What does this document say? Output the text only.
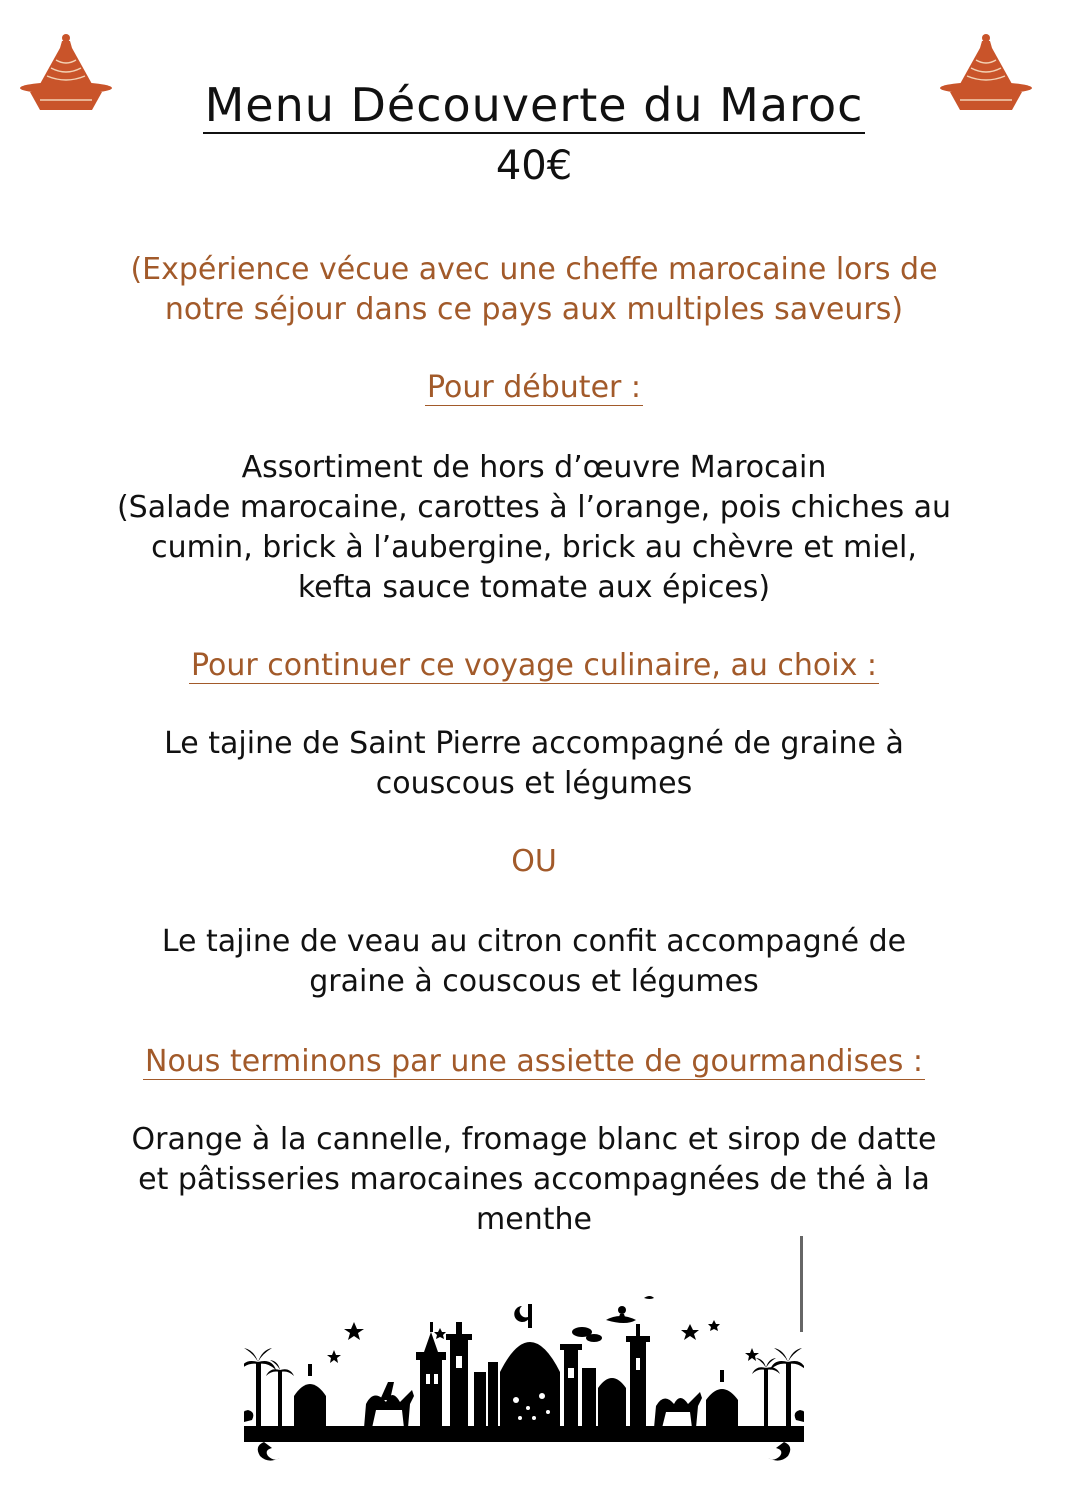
Menu Découverte du Maroc
40€
(Expérience vécue avec une cheffe marocaine lors de
notre séjour dans ce pays aux multiples saveurs)
Pour débuter :
Assortiment de hors d’œuvre Marocain
(Salade marocaine, carottes à l’orange, pois chiches au
cumin, brick à l’aubergine, brick au chèvre et miel,
kefta sauce tomate aux épices)
Pour continuer ce voyage culinaire, au choix :
Le tajine de Saint Pierre accompagné de graine à
couscous et légumes
OU
Le tajine de veau au citron confit accompagné de
graine à couscous et légumes
Nous terminons par une assiette de gourmandises :
Orange à la cannelle, fromage blanc et sirop de datte
et pâtisseries marocaines accompagnées de thé à la
menthe
